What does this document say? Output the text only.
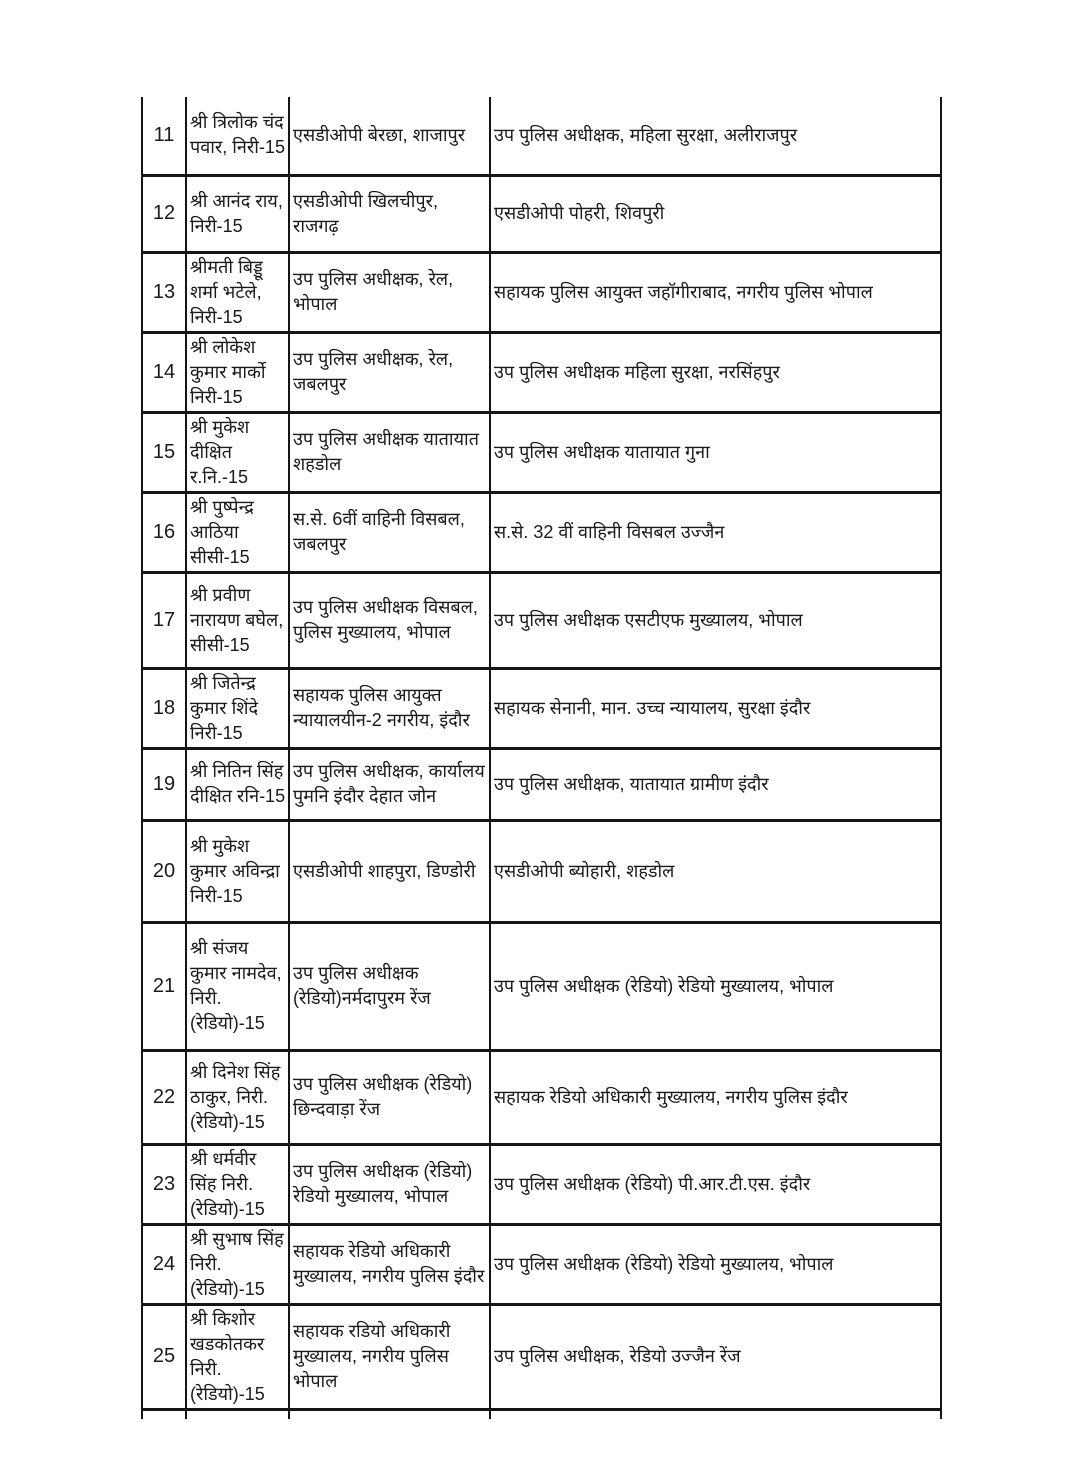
11	श्री त्रिलोक चंद पवार, निरी-15	एसडीओपी बेरछा, शाजापुर	उप पुलिस अधीक्षक, महिला सुरक्षा, अलीराजपुर
12	श्री आनंद राय, निरी-15	एसडीओपी खिलचीपुर, राजगढ़	एसडीओपी पोहरी, शिवपुरी
13	श्रीमती बिड्डू शर्मा भटेले, निरी-15	उप पुलिस अधीक्षक, रेल, भोपाल	सहायक पुलिस आयुक्त जहॉगीराबाद, नगरीय पुलिस भोपाल
14	श्री लोकेश कुमार मार्को निरी-15	उप पुलिस अधीक्षक, रेल, जबलपुर	उप पुलिस अधीक्षक महिला सुरक्षा, नरसिंहपुर
15	श्री मुकेश दीक्षित र.नि.-15	उप पुलिस अधीक्षक यातायात शहडोल	उप पुलिस अधीक्षक यातायात गुना
16	श्री पुष्पेन्द्र आठिया सीसी-15	स.से. 6वीं वाहिनी विसबल, जबलपुर	स.से. 32 वीं वाहिनी विसबल उज्जैन
17	श्री प्रवीण नारायण बघेल, सीसी-15	उप पुलिस अधीक्षक विसबल, पुलिस मुख्यालय, भोपाल	उप पुलिस अधीक्षक एसटीएफ मुख्यालय, भोपाल
18	श्री जितेन्द्र कुमार शिंदे निरी-15	सहायक पुलिस आयुक्त न्यायालयीन-2 नगरीय, इंदौर	सहायक सेनानी, मान. उच्च न्यायालय, सुरक्षा इंदौर
19	श्री नितिन सिंह दीक्षित रनि-15	उप पुलिस अधीक्षक, कार्यालय पुमनि इंदौर देहात जोन	उप पुलिस अधीक्षक, यातायात ग्रामीण इंदौर
20	श्री मुकेश कुमार अविन्द्रा निरी-15	एसडीओपी शाहपुरा, डिण्डोरी	एसडीओपी ब्योहारी, शहडोल
21	श्री संजय कुमार नामदेव, निरी. (रेडियो)-15	उप पुलिस अधीक्षक (रेडियो)नर्मदापुरम रेंज	उप पुलिस अधीक्षक (रेडियो) रेडियो मुख्यालय, भोपाल
22	श्री दिनेश सिंह ठाकुर, निरी. (रेडियो)-15	उप पुलिस अधीक्षक (रेडियो) छिन्दवाड़ा रेंज	सहायक रेडियो अधिकारी मुख्यालय, नगरीय पुलिस इंदौर
23	श्री धर्मवीर सिंह निरी. (रेडियो)-15	उप पुलिस अधीक्षक (रेडियो) रेडियो मुख्यालय, भोपाल	उप पुलिस अधीक्षक (रेडियो) पी.आर.टी.एस. इंदौर
24	श्री सुभाष सिंह निरी. (रेडियो)-15	सहायक रेडियो अधिकारी मुख्यालय, नगरीय पुलिस इंदौर	उप पुलिस अधीक्षक (रेडियो) रेडियो मुख्यालय, भोपाल
25	श्री किशोर खडकोतकर निरी. (रेडियो)-15	सहायक रडियो अधिकारी मुख्यालय, नगरीय पुलिस भोपाल	उप पुलिस अधीक्षक, रेडियो उज्जैन रेंज
